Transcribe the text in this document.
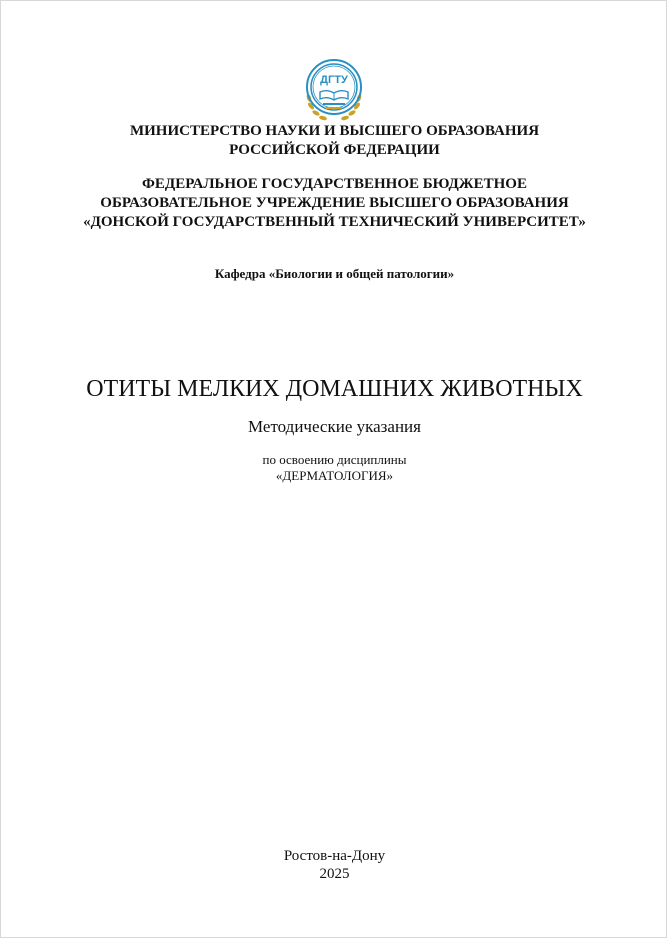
ДГТУ
МИНИСТЕРСТВО НАУКИ И ВЫСШЕГО ОБРАЗОВАНИЯ
РОССИЙСКОЙ ФЕДЕРАЦИИ
ФЕДЕРАЛЬНОЕ ГОСУДАРСТВЕННОЕ БЮДЖЕТНОЕ
ОБРАЗОВАТЕЛЬНОЕ УЧРЕЖДЕНИЕ ВЫСШЕГО ОБРАЗОВАНИЯ
«ДОНСКОЙ ГОСУДАРСТВЕННЫЙ ТЕХНИЧЕСКИЙ УНИВЕРСИТЕТ»
Кафедра «Биологии и общей патологии»
ОТИТЫ МЕЛКИХ ДОМАШНИХ ЖИВОТНЫХ
Методические указания
по освоению дисциплины
«ДЕРМАТОЛОГИЯ»
Ростов-на-Дону
2025
